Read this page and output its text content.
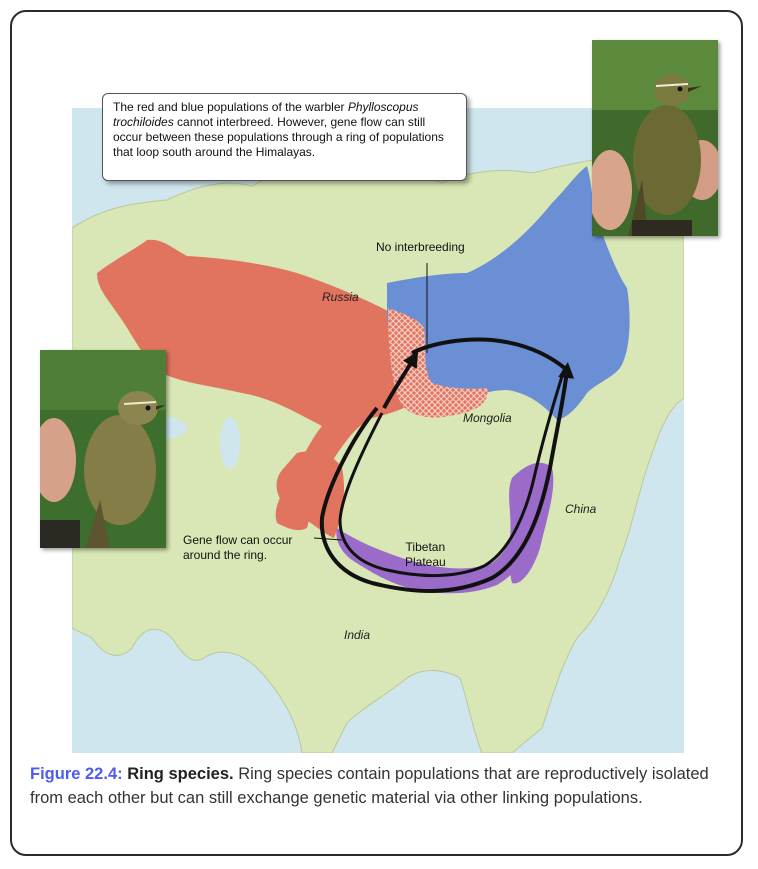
No interbreeding
Russia
Mongolia
China
Tibetan
Plateau
India
Gene flow can occur
around the ring.
The red and blue populations of the warbler Phylloscopus trochiloides cannot interbreed. However, gene flow can still occur between these populations through a ring of populations that loop south around the Himalayas.
Figure 22.4: Ring species. Ring species contain populations that are reproductively isolated from each other but can still exchange genetic material via other linking populations.
